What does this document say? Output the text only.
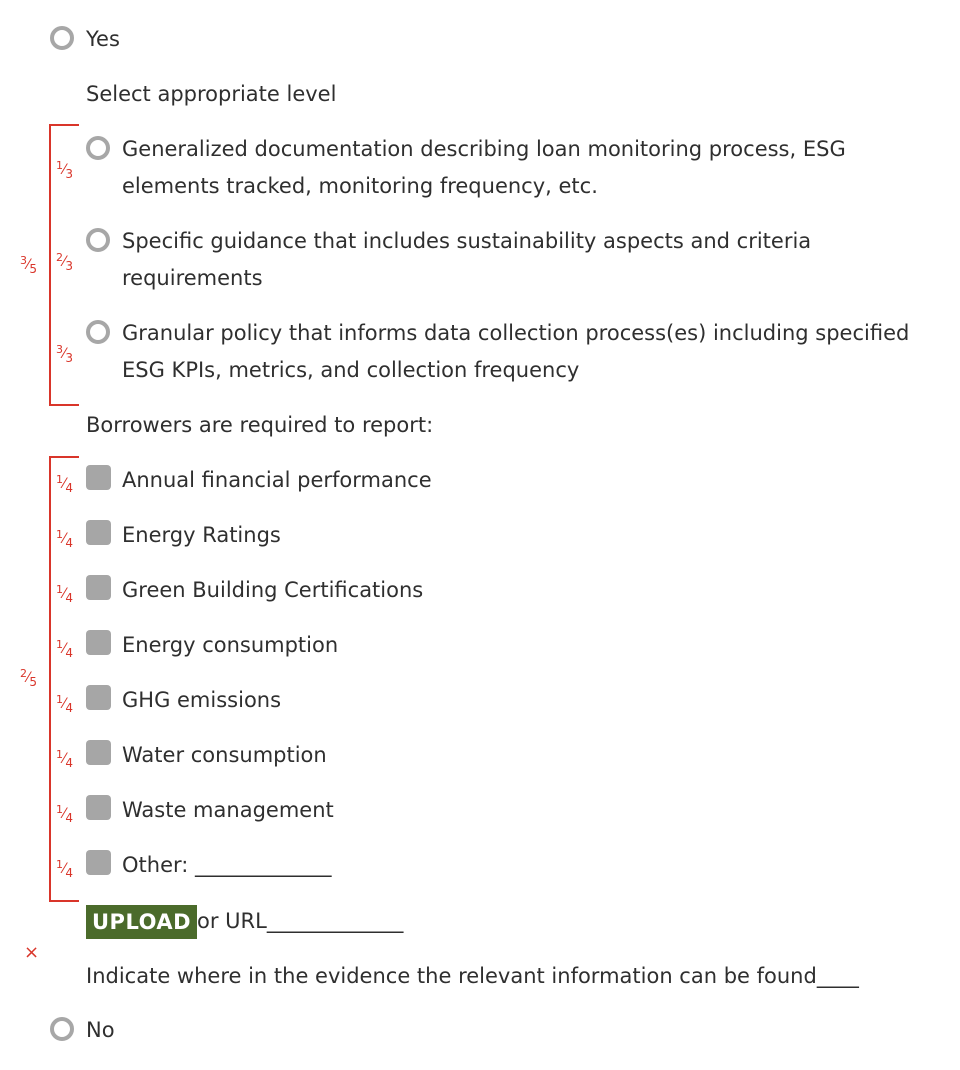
Yes
Select appropriate level
$^3⁄_5$
$^1⁄_3$
Generalized documentation describing loan monitoring process, ESG
elements tracked, monitoring frequency, etc.
$^2⁄_3$
Specific guidance that includes sustainability aspects and criteria
requirements
$^3⁄_3$
Granular policy that informs data collection process(es) including specified
ESG KPIs, metrics, and collection frequency
Borrowers are required to report:
$^2⁄_5$
$^1⁄_4$ Annual financial performance
$^1⁄_4$ Energy Ratings
$^1⁄_4$ Green Building Certifications
$^1⁄_4$ Energy consumption
$^1⁄_4$ GHG emissions
$^1⁄_4$ Water consumption
$^1⁄_4$ Waste management
$^1⁄_4$ Other: _____________
UPLOAD or URL_____________
×
Indicate where in the evidence the relevant information can be found____
No
